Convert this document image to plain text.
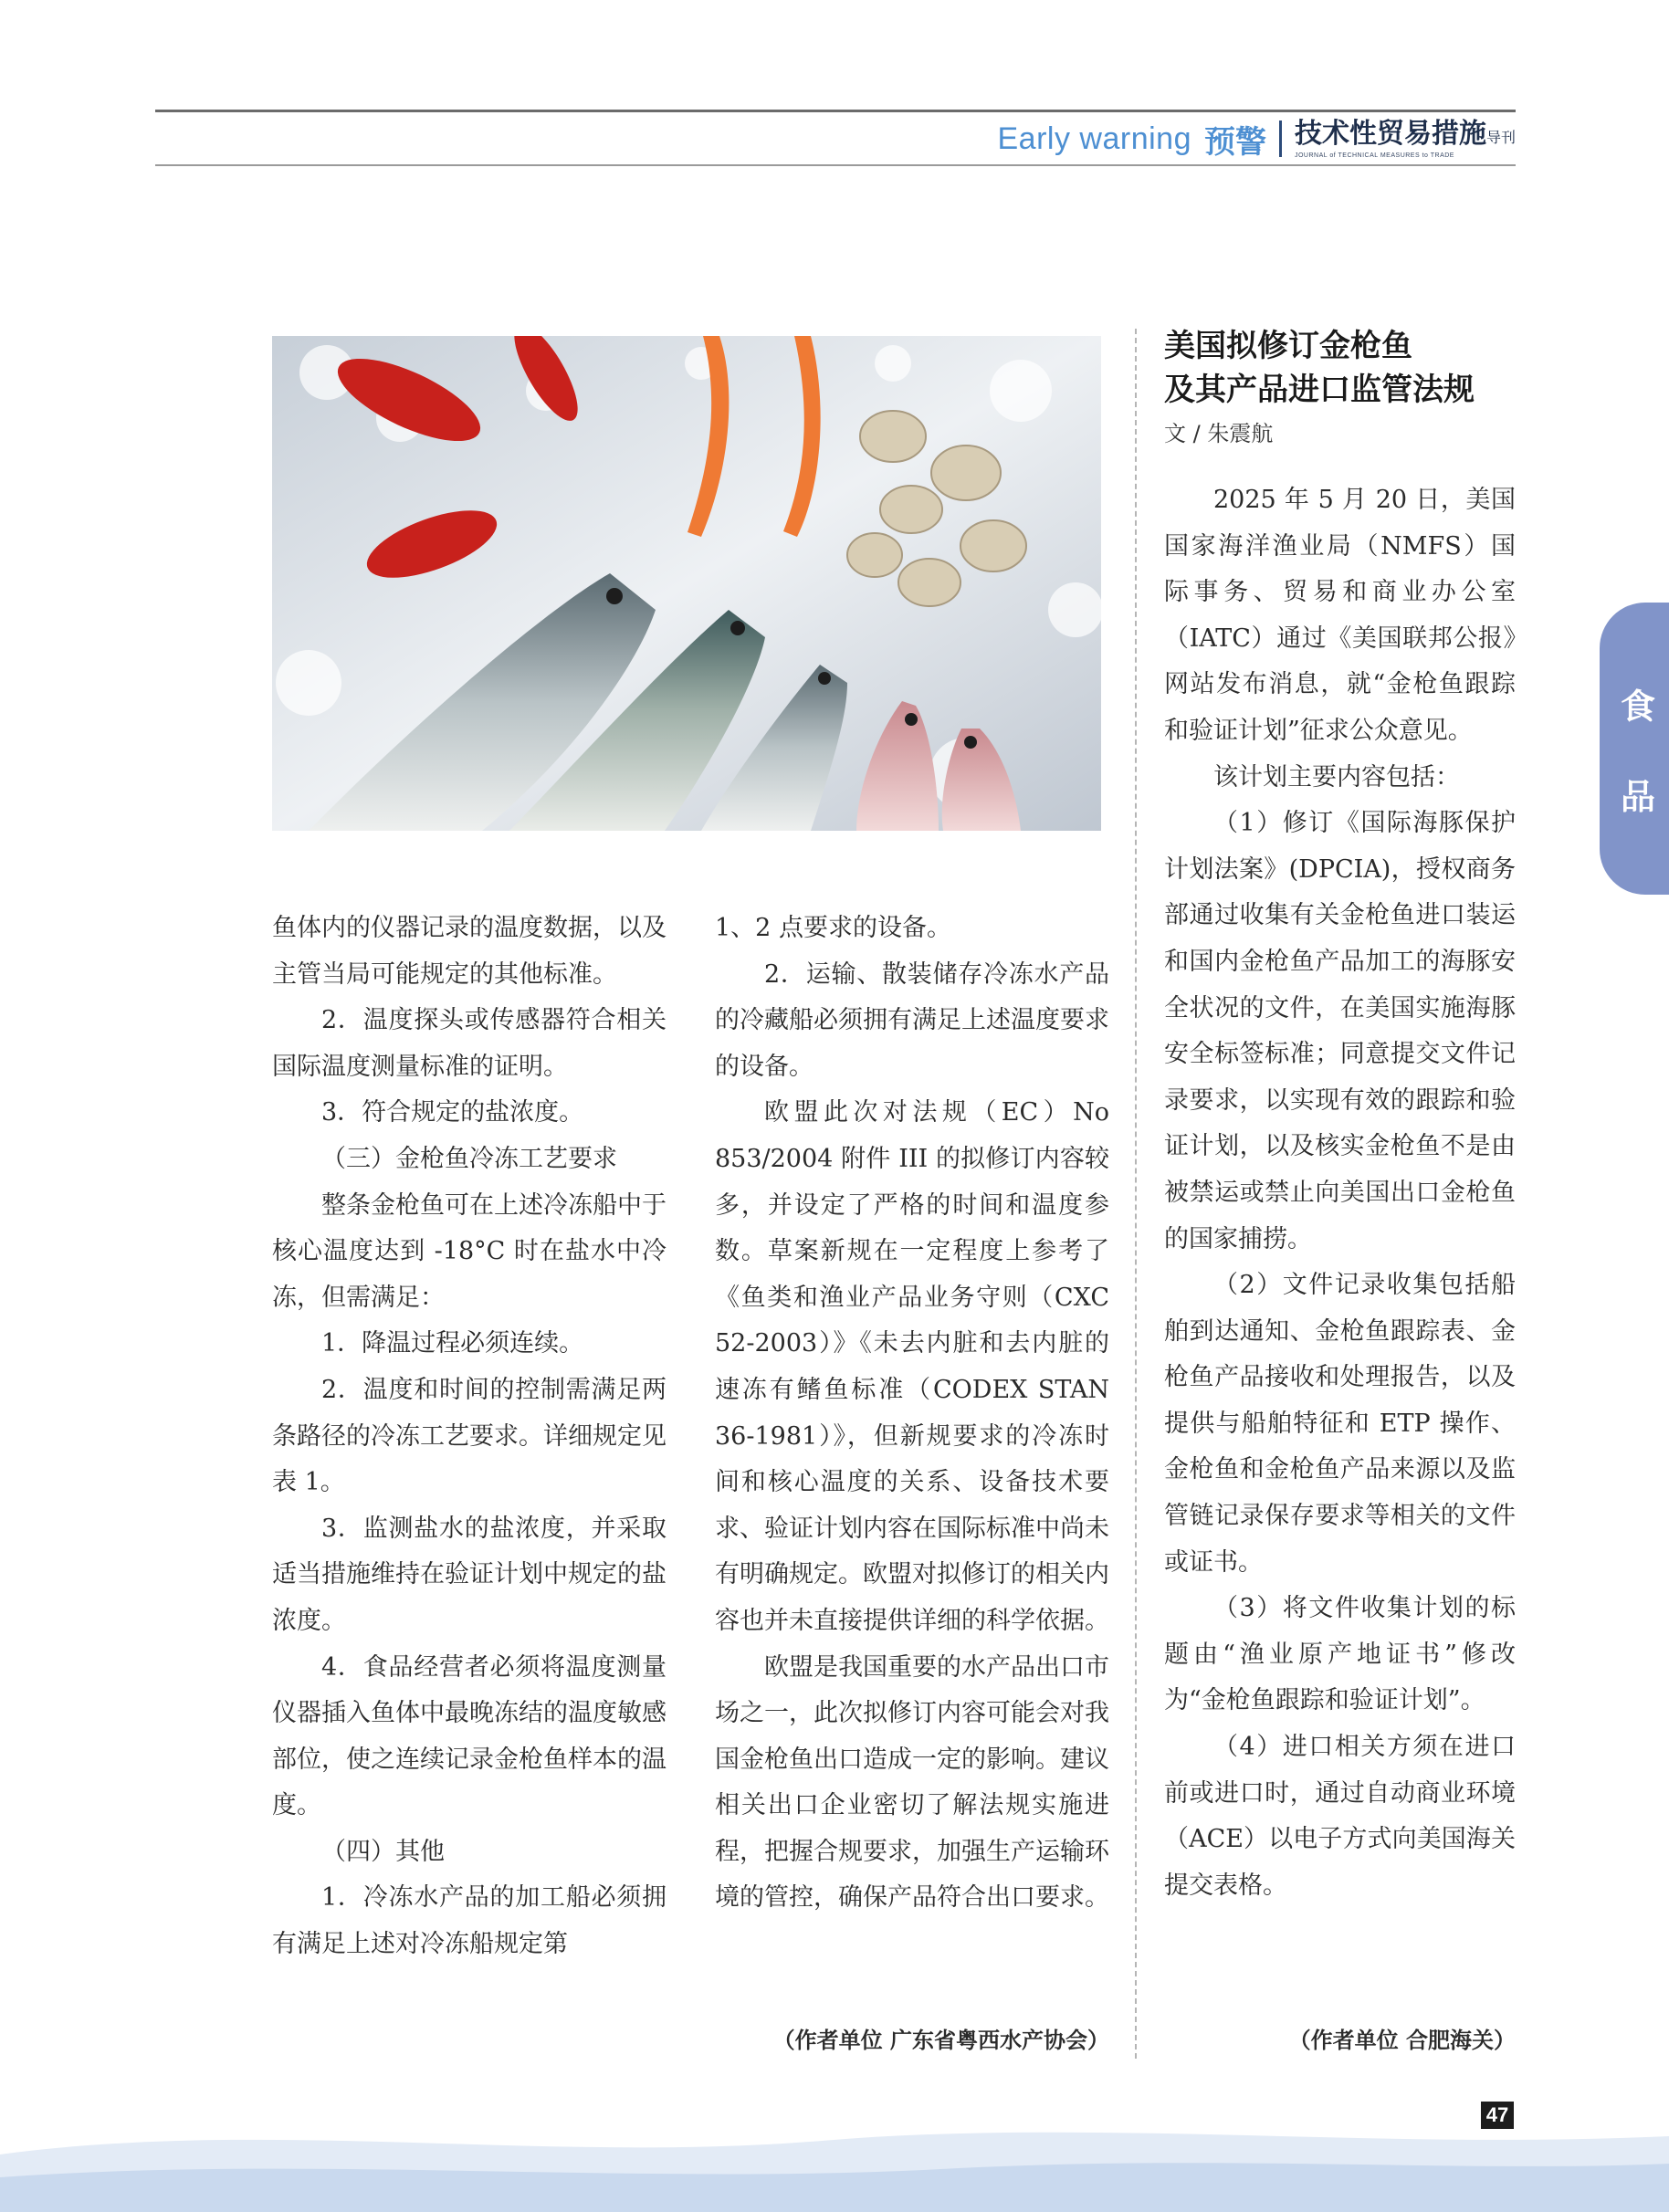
Early warning 预警 技术性贸易措施导刊
JOURNAL of TECHNICAL MEASURES to TRADE

鱼体内的仪器记录的温度数据，以及主管当局可能规定的其他标准。

2．温度探头或传感器符合相关国际温度测量标准的证明。

3．符合规定的盐浓度。

（三）金枪鱼冷冻工艺要求

整条金枪鱼可在上述冷冻船中于核心温度达到 -18°C 时在盐水中冷冻，但需满足：

1．降温过程必须连续。

2．温度和时间的控制需满足两条路径的冷冻工艺要求。详细规定见表 1。

3．监测盐水的盐浓度，并采取适当措施维持在验证计划中规定的盐浓度。

4．食品经营者必须将温度测量仪器插入鱼体中最晚冻结的温度敏感部位，使之连续记录金枪鱼样本的温度。

（四）其他

1．冷冻水产品的加工船必须拥有满足上述对冷冻船规定第

1、2 点要求的设备。

2．运输、散装储存冷冻水产品的冷藏船必须拥有满足上述温度要求的设备。

欧盟此次对法规（EC）No 853/2004 附件 III 的拟修订内容较多，并设定了严格的时间和温度参数。草案新规在一定程度上参考了《鱼类和渔业产品业务守则（CXC 52-2003）》《未去内脏和去内脏的速冻有鳍鱼标准（CODEX STAN 36-1981）》，但新规要求的冷冻时间和核心温度的关系、设备技术要求、验证计划内容在国际标准中尚未有明确规定。欧盟对拟修订的相关内容也并未直接提供详细的科学依据。

欧盟是我国重要的水产品出口市场之一，此次拟修订内容可能会对我国金枪鱼出口造成一定的影响。建议相关出口企业密切了解法规实施进程，把握合规要求，加强生产运输环境的管控，确保产品符合出口要求。

（作者单位 广东省粤西水产协会）
美国拟修订金枪鱼
及其产品进口监管法规
文 / 朱震航

2025 年 5 月 20 日，美国国家海洋渔业局（NMFS）国际事务、贸易和商业办公室（IATC）通过《美国联邦公报》网站发布消息，就“金枪鱼跟踪和验证计划”征求公众意见。

该计划主要内容包括：

（1）修订《国际海豚保护计划法案》(DPCIA)，授权商务部通过收集有关金枪鱼进口装运和国内金枪鱼产品加工的海豚安全状况的文件，在美国实施海豚安全标签标准；同意提交文件记录要求，以实现有效的跟踪和验证计划，以及核实金枪鱼不是由被禁运或禁止向美国出口金枪鱼的国家捕捞。

（2）文件记录收集包括船舶到达通知、金枪鱼跟踪表、金枪鱼产品接收和处理报告，以及提供与船舶特征和 ETP 操作、金枪鱼和金枪鱼产品来源以及监管链记录保存要求等相关的文件或证书。

（3）将文件收集计划的标题由“渔业原产地证书”修改为“金枪鱼跟踪和验证计划”。

（4）进口相关方须在进口前或进口时，通过自动商业环境（ACE）以电子方式向美国海关提交表格。

（作者单位 合肥海关）
食
品
47
